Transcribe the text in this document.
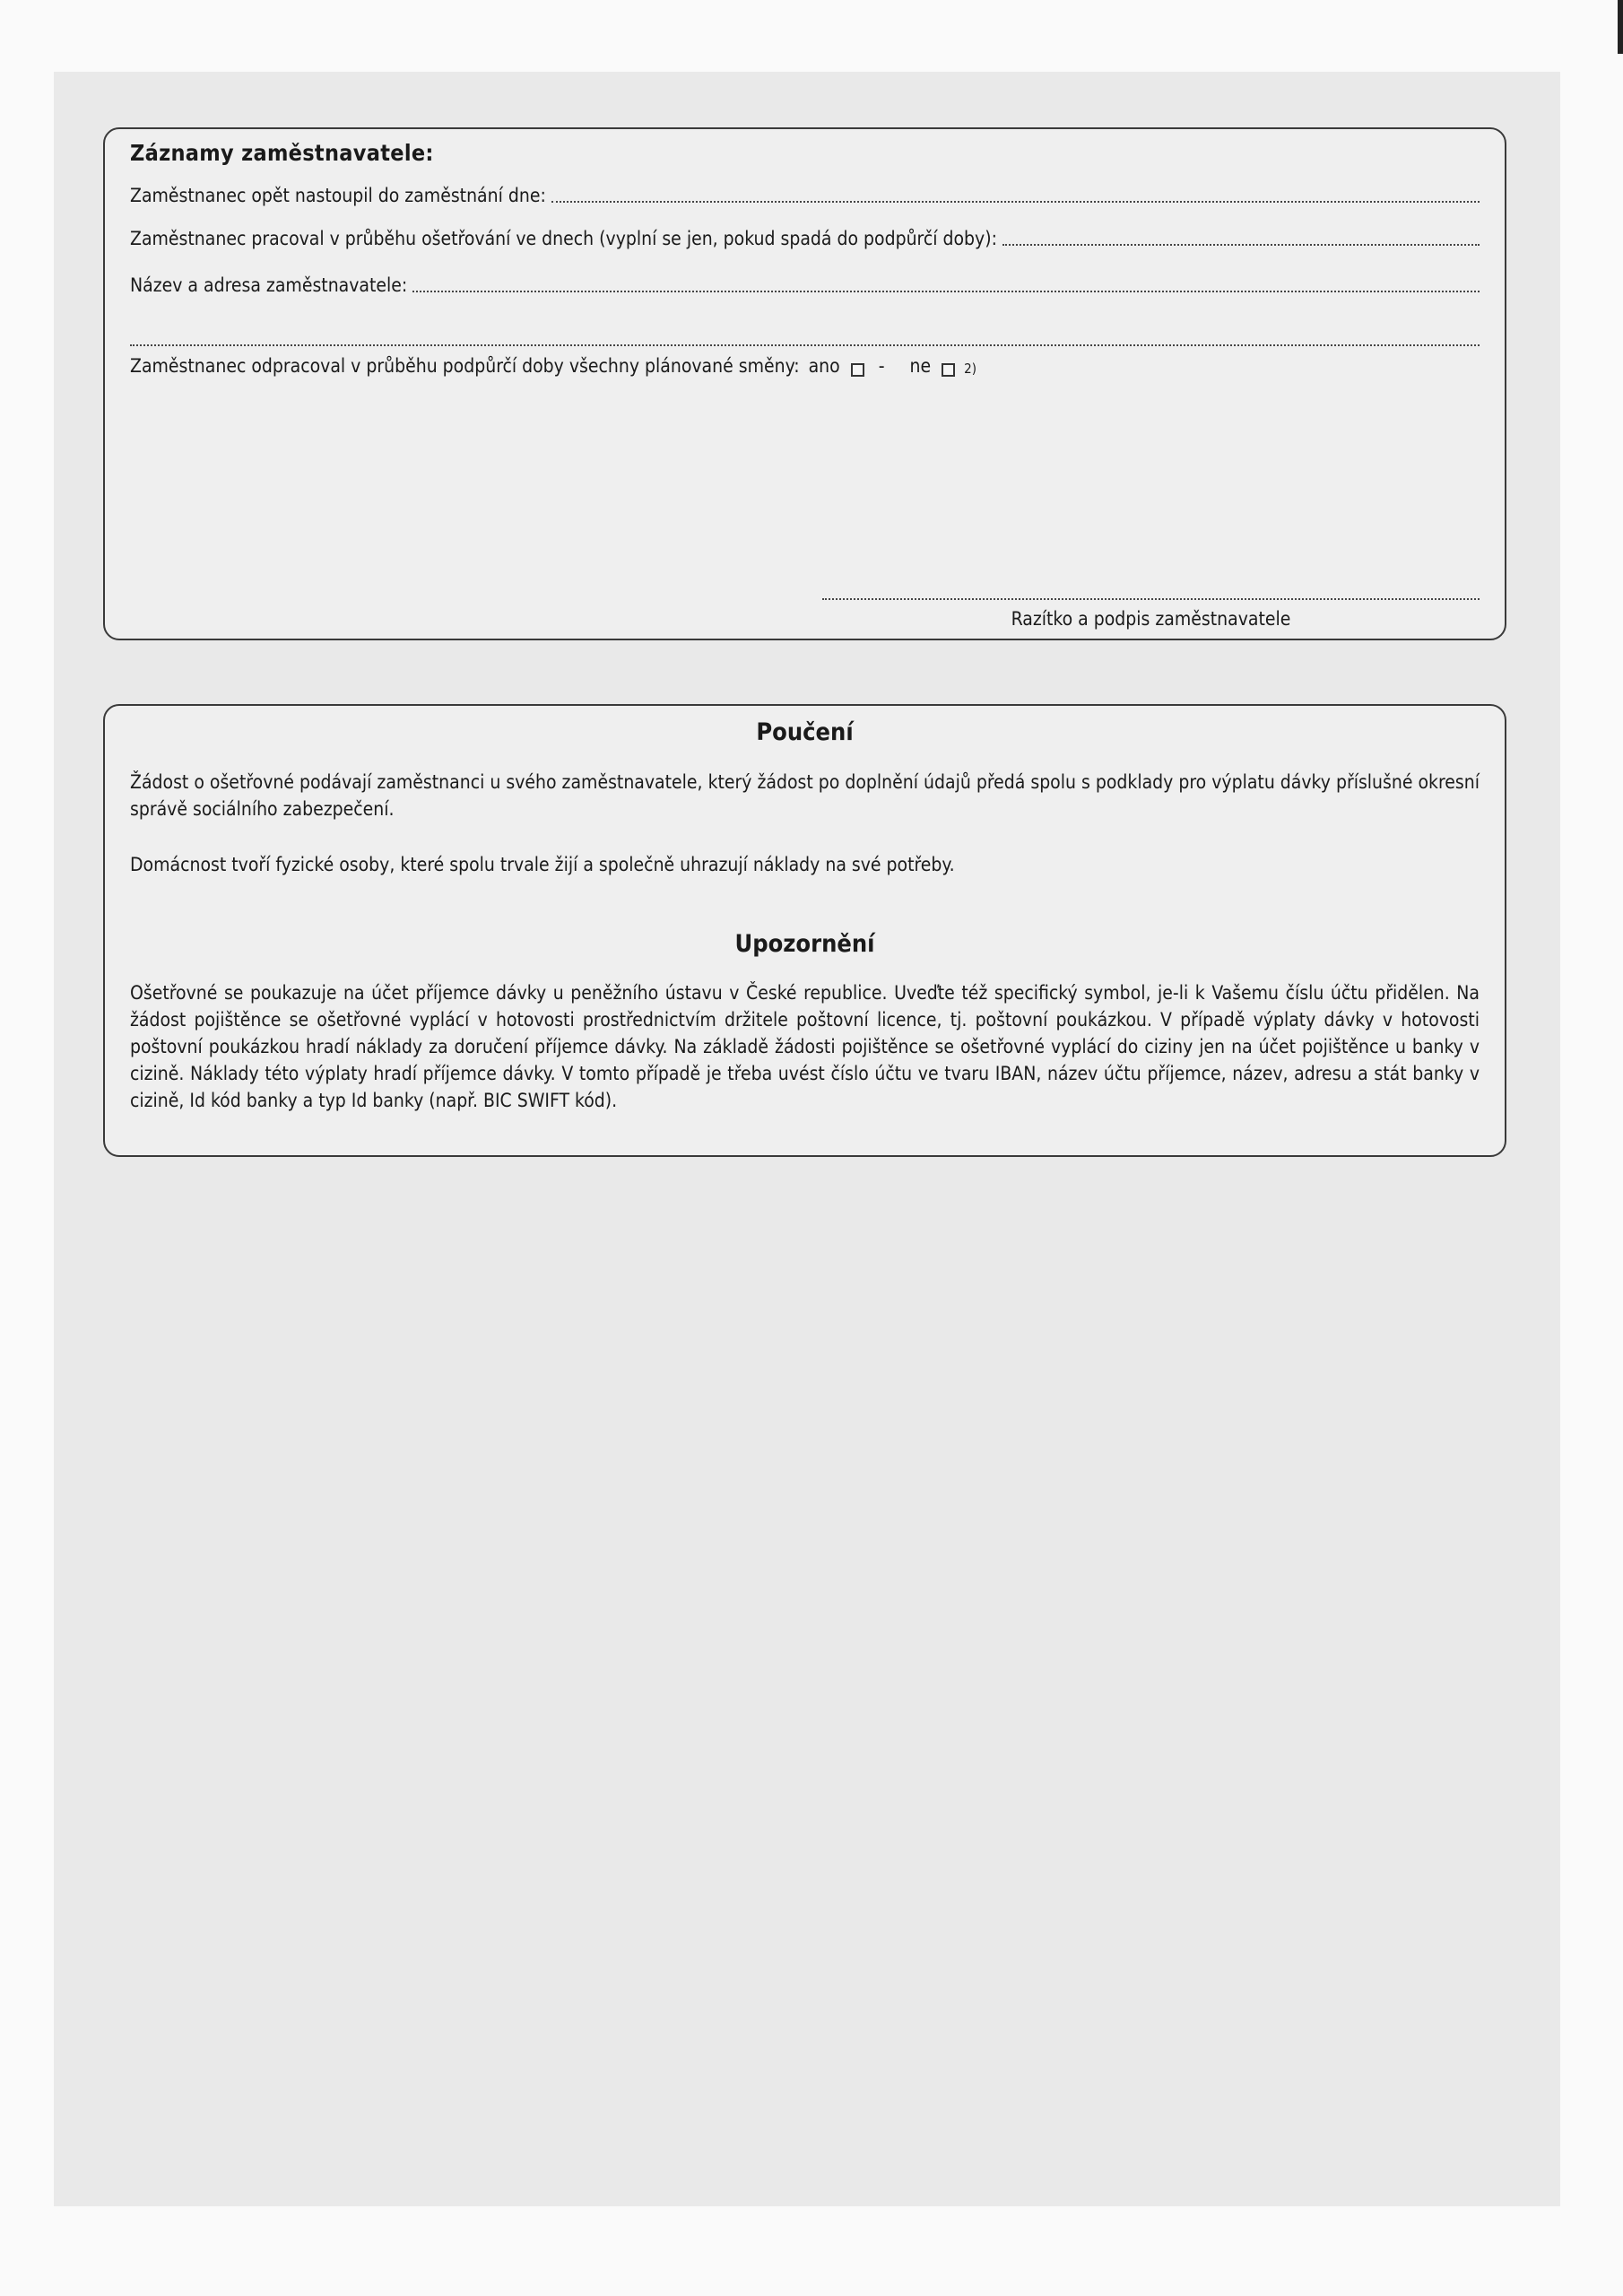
Záznamy zaměstnavatele:
Zaměstnanec opět nastoupil do zaměstnání dne:
Zaměstnanec pracoval v průběhu ošetřování ve dnech (vyplní se jen, pokud spadá do podpůrčí doby):
Název a adresa zaměstnavatele:
Zaměstnanec odpracoval v průběhu podpůrčí doby všechny plánované směny: ano - ne 2)
Razítko a podpis zaměstnavatele
Poučení
Žádost o ošetřovné podávají zaměstnanci u svého zaměstnavatele, který žádost po doplnění údajů předá spolu s podklady pro výplatu dávky příslušné okresní správě sociálního zabezpečení.
Domácnost tvoří fyzické osoby, které spolu trvale žijí a společně uhrazují náklady na své potřeby.
Upozornění
Ošetřovné se poukazuje na účet příjemce dávky u peněžního ústavu v České republice. Uveďte též specifický symbol, je-li k Vašemu číslu účtu přidělen. Na žádost pojištěnce se ošetřovné vyplácí v hotovosti prostřednictvím držitele poštovní licence, tj. poštovní poukázkou. V případě výplaty dávky v hotovosti poštovní poukázkou hradí náklady za doručení příjemce dávky. Na základě žádosti pojištěnce se ošetřovné vyplácí do ciziny jen na účet pojištěnce u banky v cizině. Náklady této výplaty hradí příjemce dávky. V tomto případě je třeba uvést číslo účtu ve tvaru IBAN, název účtu příjemce, název, adresu a stát banky v cizině, Id kód banky a typ Id banky (např. BIC SWIFT kód).
